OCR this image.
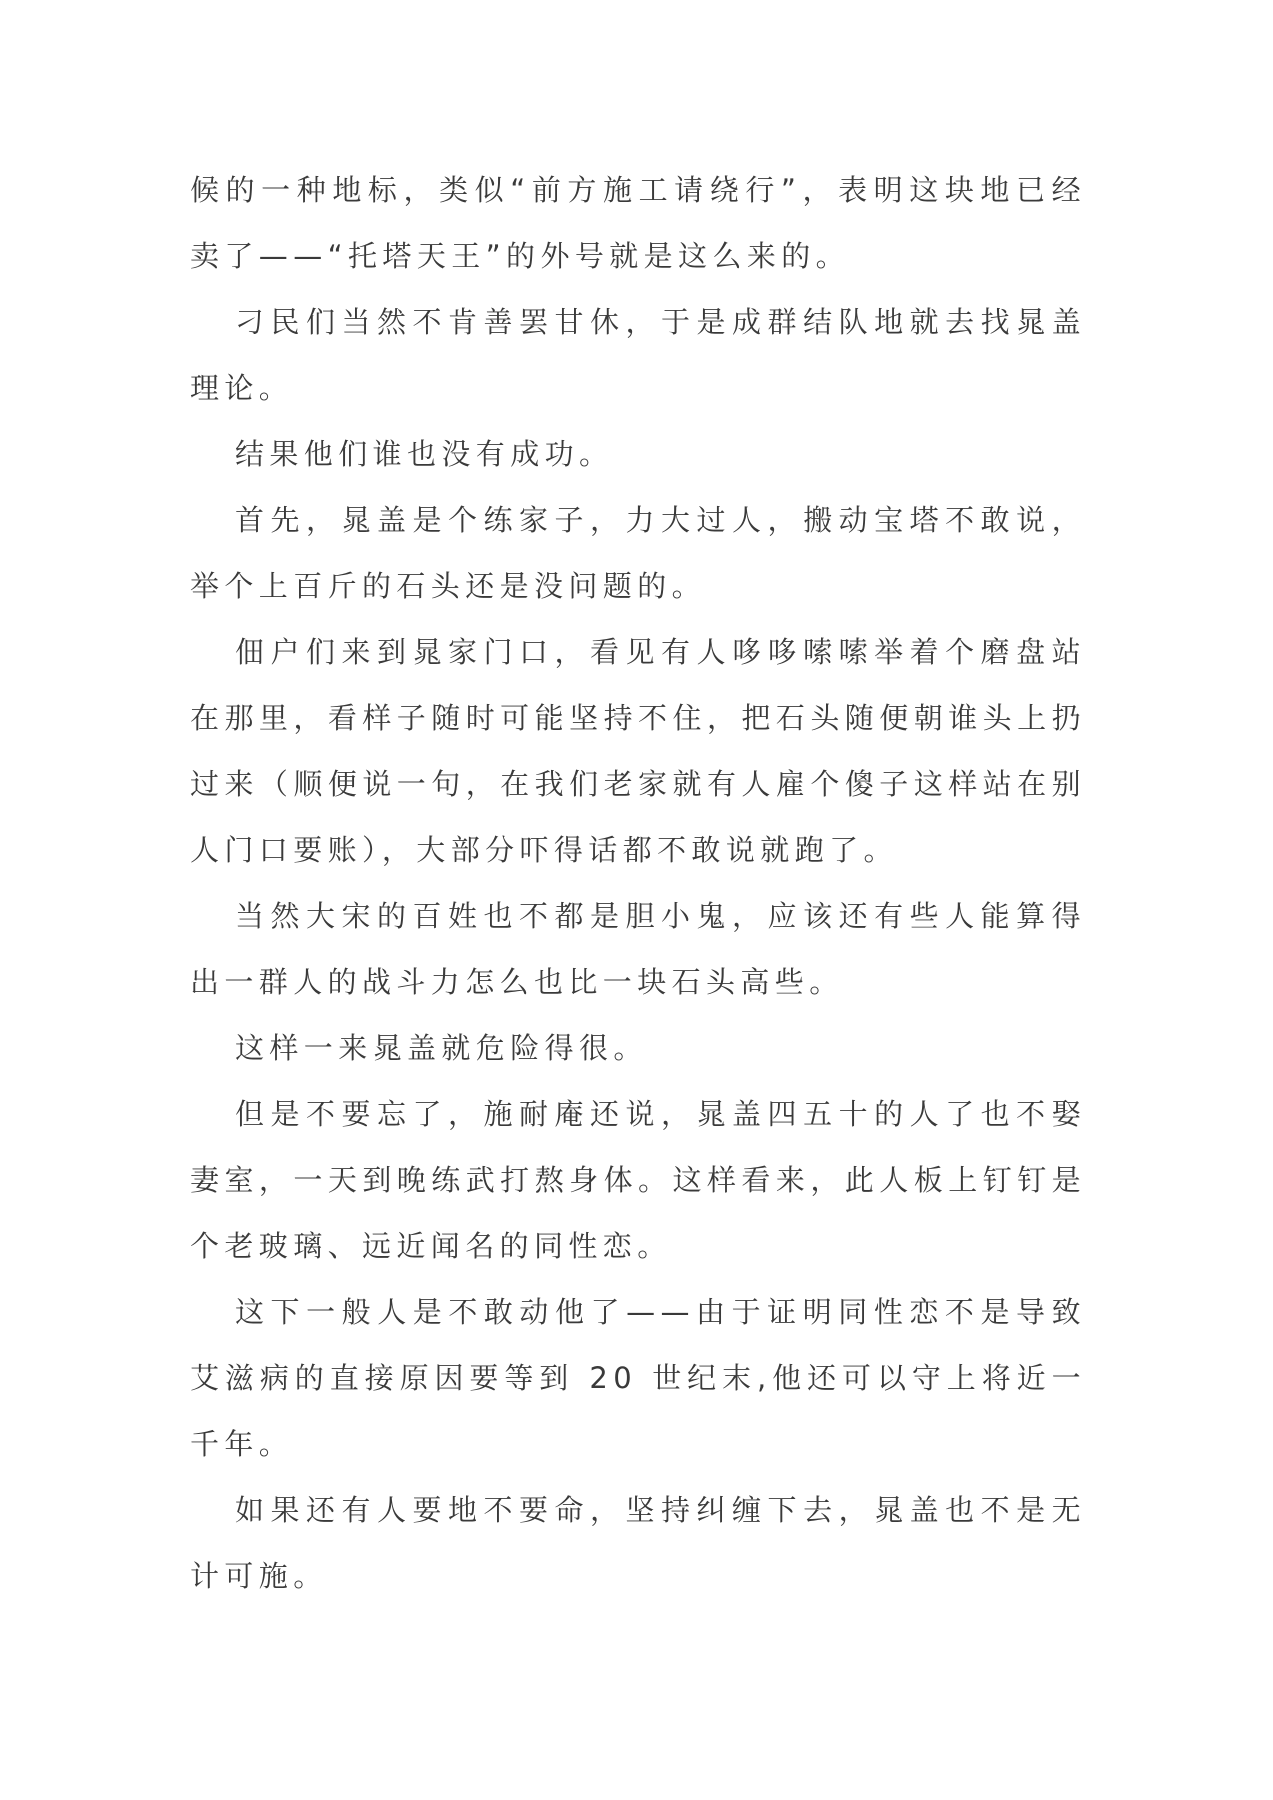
候的一种地标，类似“前方施工请绕行”，表明这块地已经卖了——“托塔天王”的外号就是这么来的。

刁民们当然不肯善罢甘休，于是成群结队地就去找晁盖理论。

结果他们谁也没有成功。

首先，晁盖是个练家子，力大过人，搬动宝塔不敢说，举个上百斤的石头还是没问题的。

佃户们来到晁家门口，看见有人哆哆嗦嗦举着个磨盘站在那里，看样子随时可能坚持不住，把石头随便朝谁头上扔过来（顺便说一句，在我们老家就有人雇个傻子这样站在别人门口要账），大部分吓得话都不敢说就跑了。

当然大宋的百姓也不都是胆小鬼，应该还有些人能算得出一群人的战斗力怎么也比一块石头高些。

这样一来晁盖就危险得很。

但是不要忘了，施耐庵还说，晁盖四五十的人了也不娶妻室，一天到晚练武打熬身体。这样看来，此人板上钉钉是个老玻璃、远近闻名的同性恋。

这下一般人是不敢动他了——由于证明同性恋不是导致艾滋病的直接原因要等到 20 世纪末,他还可以守上将近一千年。

如果还有人要地不要命，坚持纠缠下去，晁盖也不是无计可施。
